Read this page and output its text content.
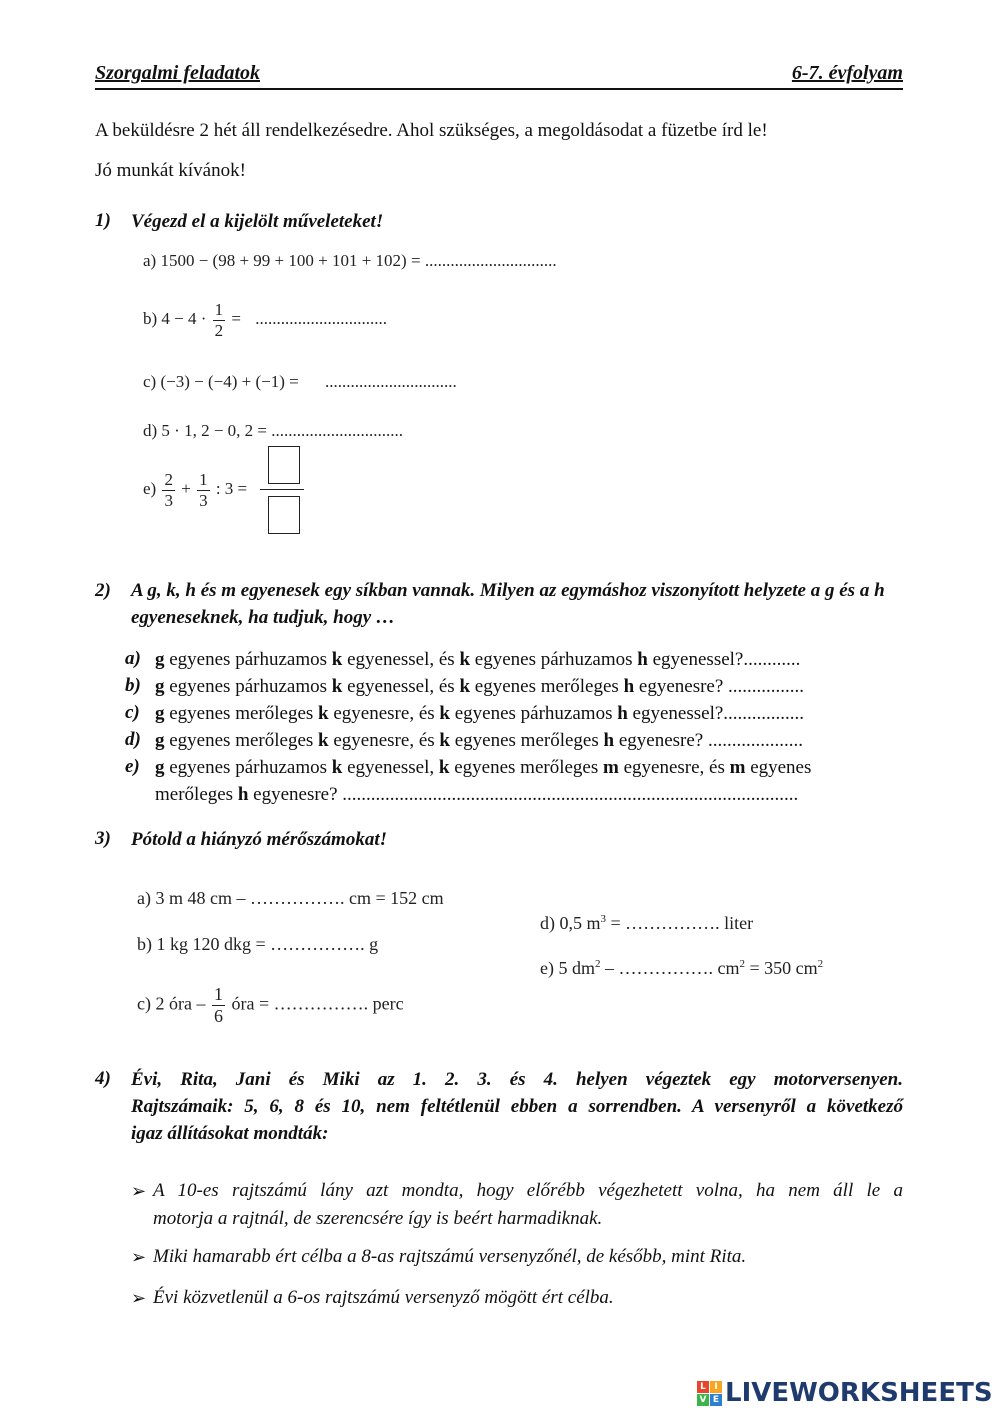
Szorgalmi feladatok	6-7. évfolyam
A beküldésre 2 hét áll rendelkezésedre. Ahol szükséges, a megoldásodat a füzetbe írd le!
Jó munkát kívánok!
1) Végezd el a kijelölt műveleteket!
a) 1500 − (98 + 99 + 100 + 101 + 102) = ...............................
b) $4 - 4 \cdot \frac{1}{2}$ = ...............................
c) (−3) − (−4) + (−1) = ...............................
d) 5 · 1, 2 − 0, 2 = ...............................
$e) \frac{2}{3} + \frac{1}{3}$ : 3 =
2) A g, k, h és m egyenesek egy síkban vannak. Milyen az egymáshoz viszonyított helyzete a g és a h egyeneseknek, ha tudjuk, hogy …
a) g egyenes párhuzamos k egyenessel, és k egyenes párhuzamos h egyenessel?............
b) g egyenes párhuzamos k egyenessel, és k egyenes merőleges h egyenesre? ................
c) g egyenes merőleges k egyenesre, és k egyenes párhuzamos h egyenessel?.................
d) g egyenes merőleges k egyenesre, és k egyenes merőleges h egyenesre? ....................
e) g egyenes párhuzamos k egyenessel, k egyenes merőleges m egyenesre, és m egyenes
merőleges h egyenesre? ................................................................................................
3) Pótold a hiányzó mérőszámokat!
a) 3 m 48 cm – ……………. cm = 152 cm
b) 1 kg 120 dkg = ……………. g
c) 2 óra – $\frac{1}{6}$ óra = ……………. perc
d) 0,5 $m^3$ = ……………. liter
e) 5 $dm^2$ – ……………. $cm^2 = 350$ $cm^2$
4) Évi, Rita, Jani és Miki az 1. 2. 3. és 4. helyen végeztek egy motorversenyen.
Rajtszámaik: 5, 6, 8 és 10, nem feltétlenül ebben a sorrendben. A versenyről a következő
igaz állításokat mondták:
➢ A 10-es rajtszámú lány azt mondta, hogy előrébb végezhetett volna, ha nem áll le a
motorja a rajtnál, de szerencsére így is beért harmadiknak.
➢ Miki hamarabb ért célba a 8-as rajtszámú versenyzőnél, de később, mint Rita.
➢ Évi közvetlenül a 6-os rajtszámú versenyző mögött ért célba.
L I
V E LIVEWORKSHEETS
